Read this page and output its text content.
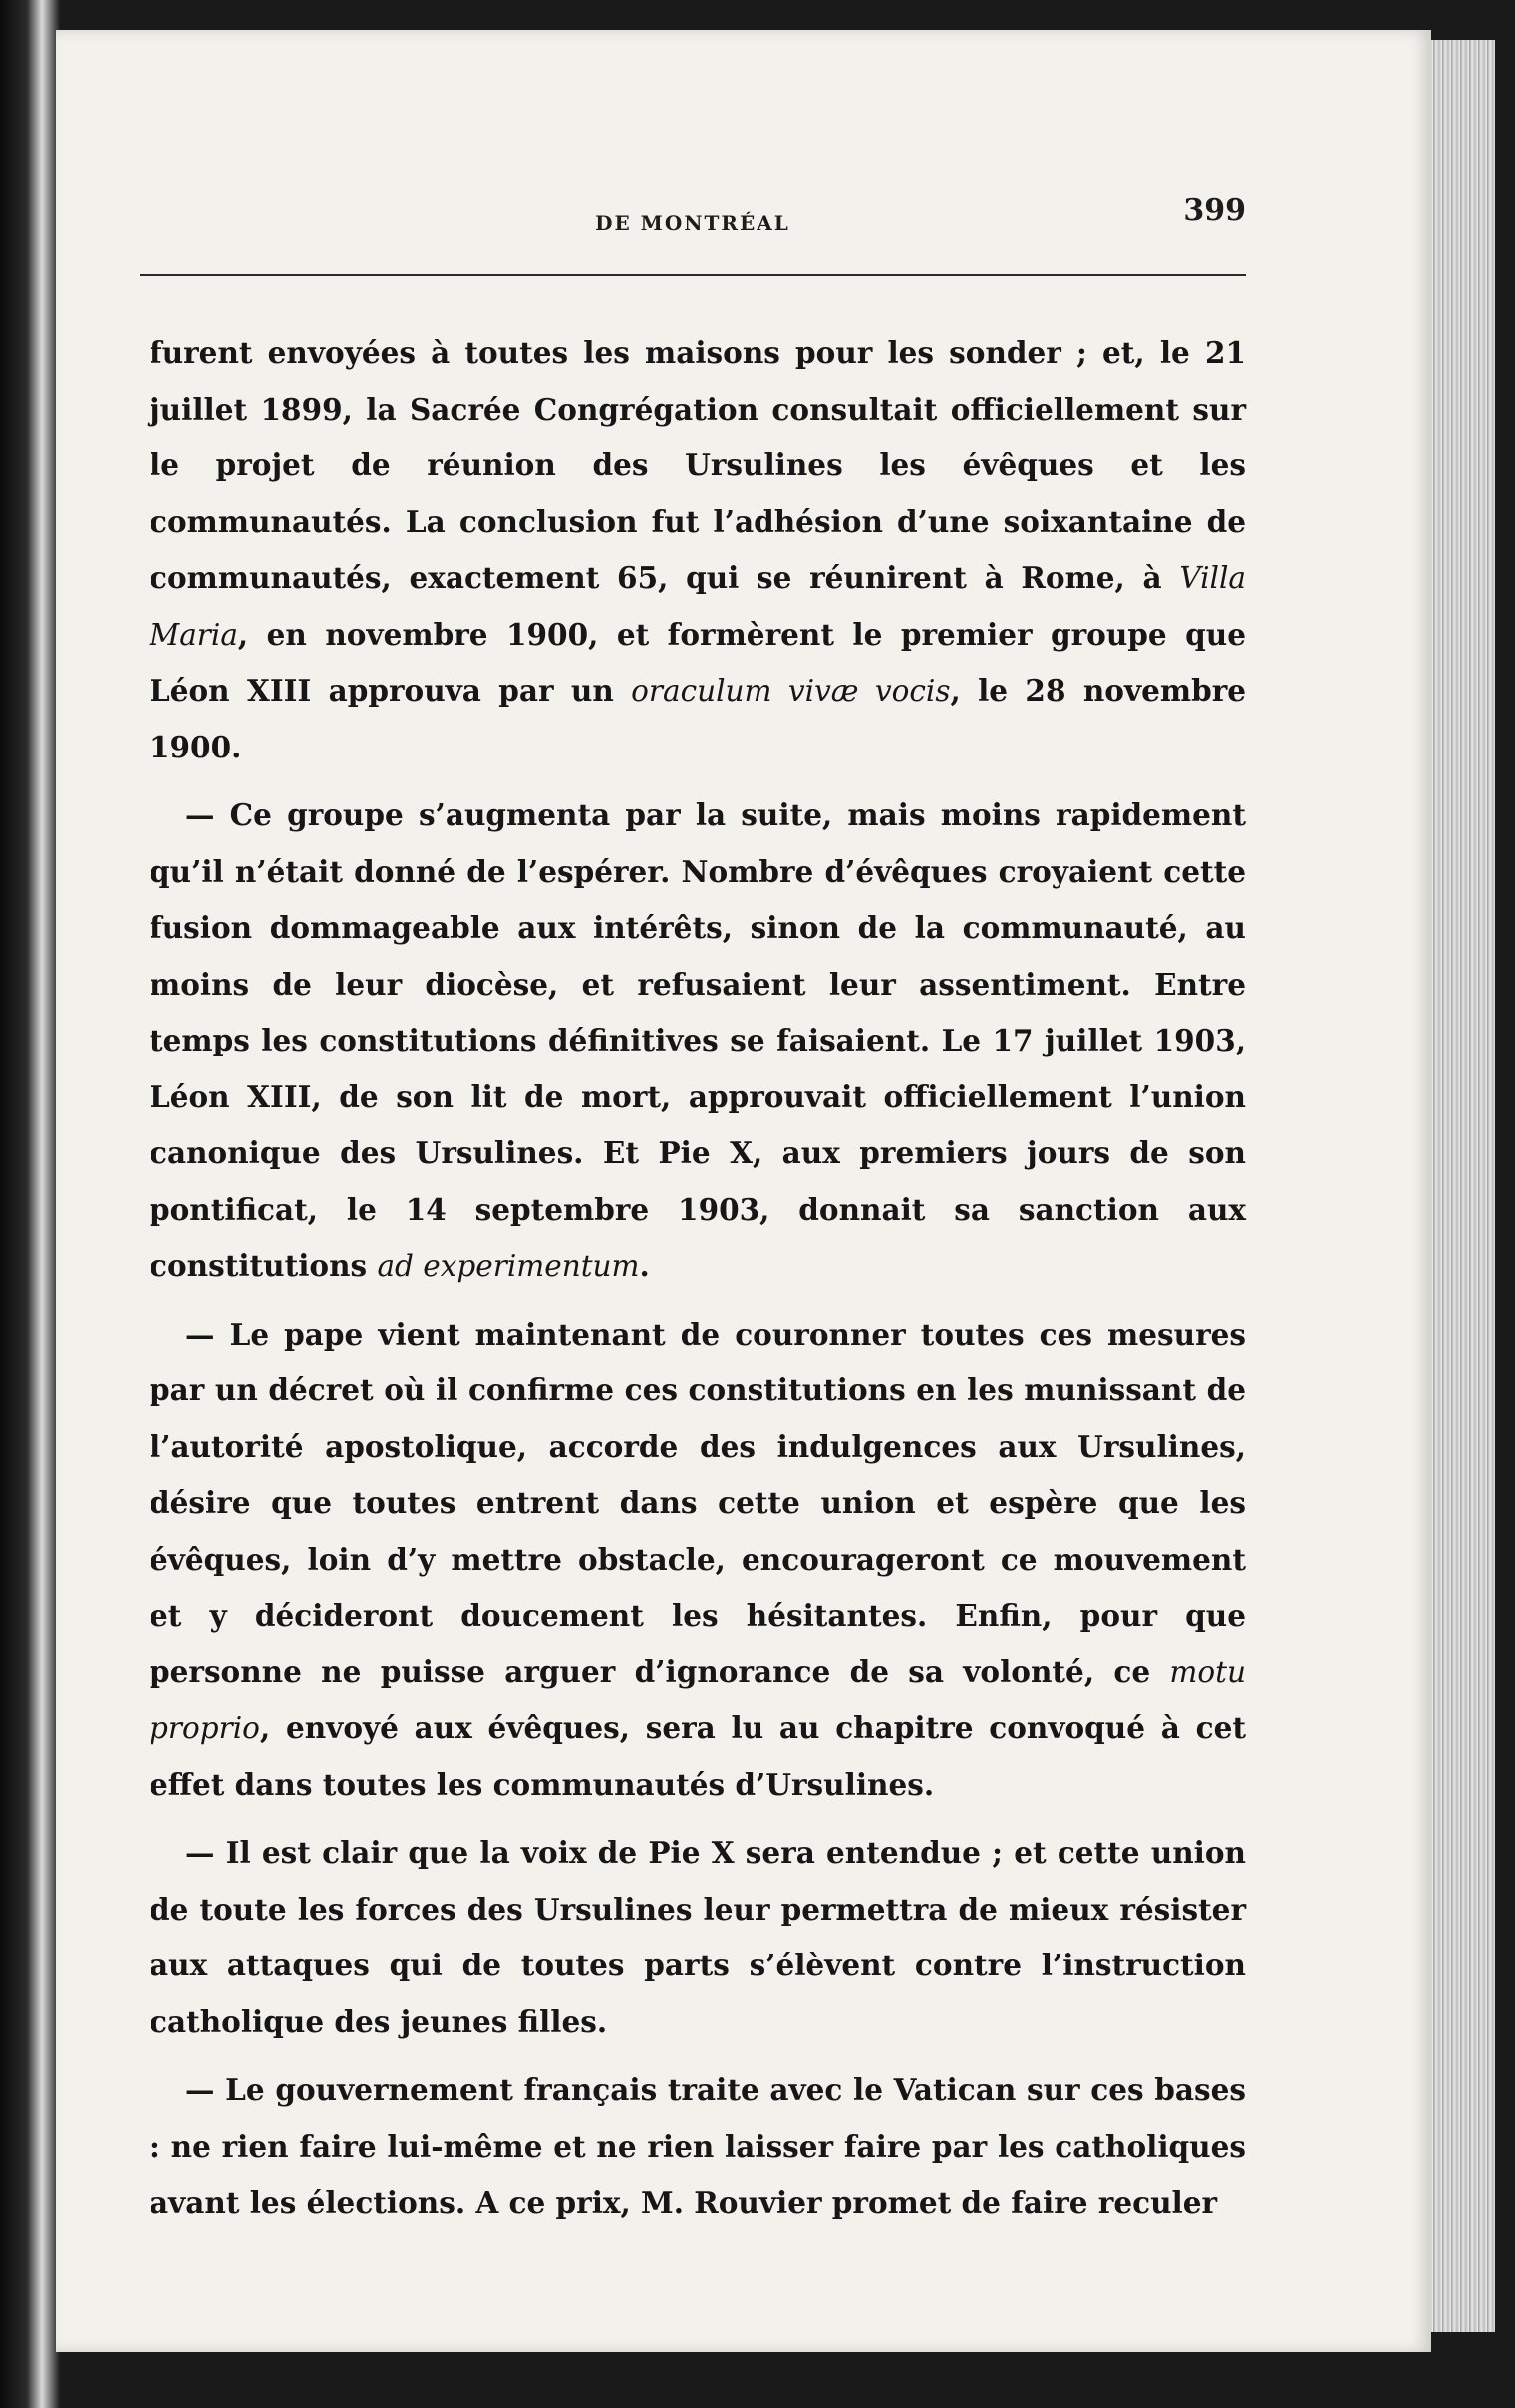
DE MONTRÉAL	399

furent envoyées à toutes les maisons pour les sonder ; et, le 21 juillet 1899, la Sacrée Congrégation consultait officiellement sur le projet de réunion des Ursulines les évêques et les communautés. La conclusion fut l’adhésion d’une soixantaine de communautés, exactement 65, qui se réunirent à Rome, à Villa Maria, en novembre 1900, et formèrent le premier groupe que Léon XIII approuva par un oraculum vivæ vocis, le 28 novembre 1900.

— Ce groupe s’augmenta par la suite, mais moins rapidement qu’il n’était donné de l’espérer. Nombre d’évêques croyaient cette fusion dommageable aux intérêts, sinon de la communauté, au moins de leur diocèse, et refusaient leur assentiment. Entre temps les constitutions définitives se faisaient. Le 17 juillet 1903, Léon XIII, de son lit de mort, approuvait officiellement l’union canonique des Ursulines. Et Pie X, aux premiers jours de son pontificat, le 14 septembre 1903, donnait sa sanction aux constitutions ad experimentum.

— Le pape vient maintenant de couronner toutes ces mesures par un décret où il confirme ces constitutions en les munissant de l’autorité apostolique, accorde des indulgences aux Ursulines, désire que toutes entrent dans cette union et espère que les évêques, loin d’y mettre obstacle, encourageront ce mouvement et y décideront doucement les hésitantes. Enfin, pour que personne ne puisse arguer d’ignorance de sa volonté, ce motu proprio, envoyé aux évêques, sera lu au chapitre convoqué à cet effet dans toutes les communautés d’Ursulines.

— Il est clair que la voix de Pie X sera entendue ; et cette union de toute les forces des Ursulines leur permettra de mieux résister aux attaques qui de toutes parts s’élèvent contre l’instruction catholique des jeunes filles.

— Le gouvernement français traite avec le Vatican sur ces bases : ne rien faire lui-même et ne rien laisser faire par les catholiques avant les élections. A ce prix, M. Rouvier promet de faire reculer
